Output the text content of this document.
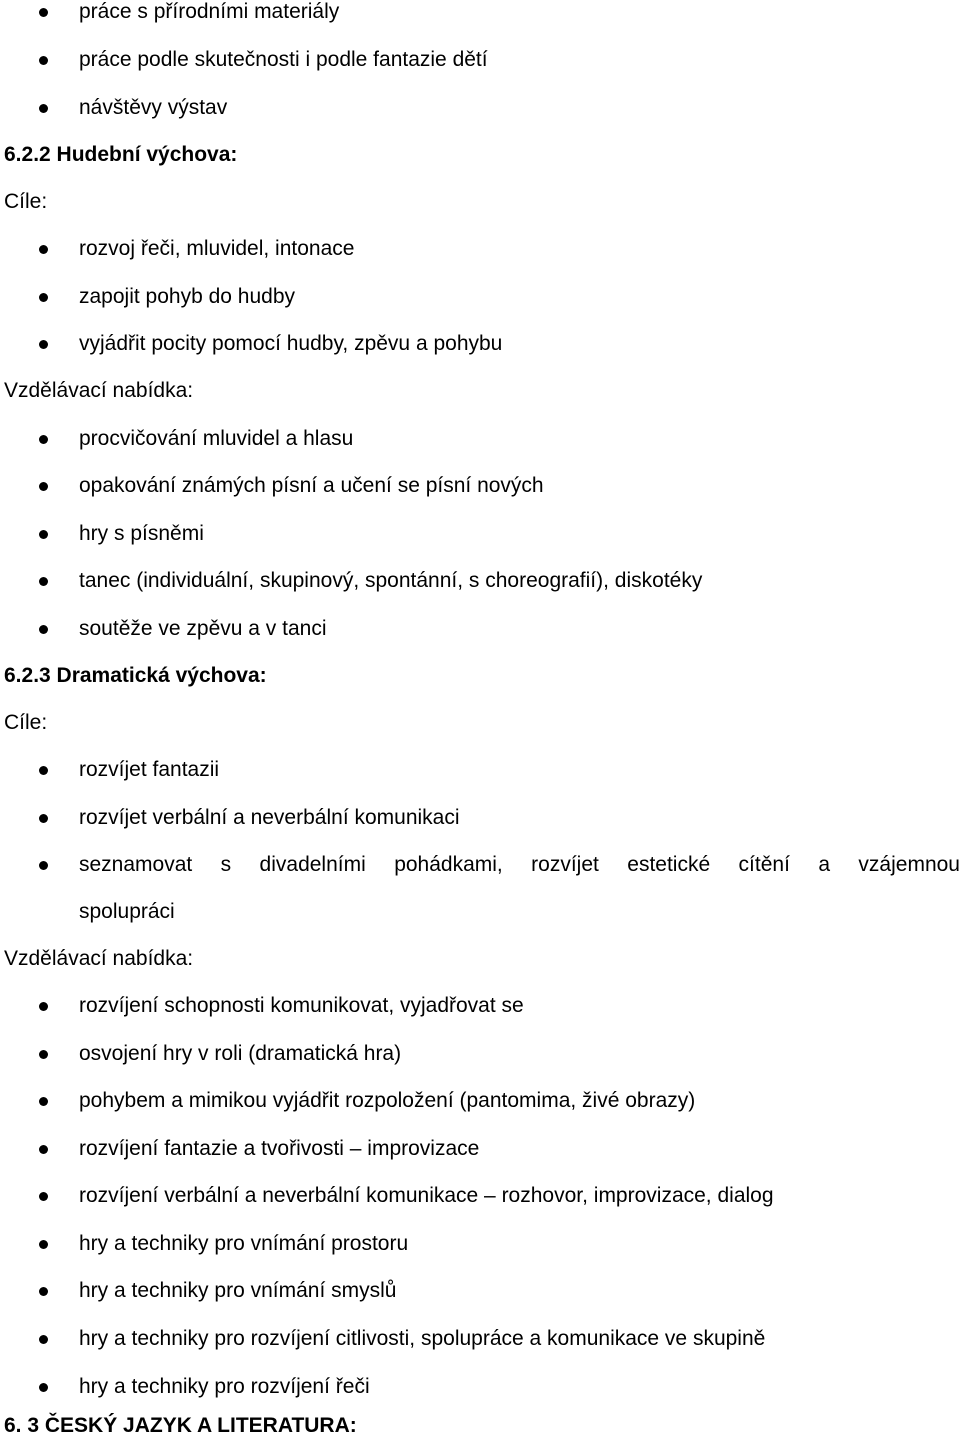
práce s přírodními materiály
práce podle skutečnosti i podle fantazie dětí
návštěvy výstav
6.2.2 Hudební výchova:
Cíle:
rozvoj řeči, mluvidel, intonace
zapojit pohyb do hudby
vyjádřit pocity pomocí hudby, zpěvu a pohybu
Vzdělávací nabídka:
procvičování mluvidel a hlasu
opakování známých písní a učení se písní nových
hry s písněmi
tanec (individuální, skupinový, spontánní, s choreografií), diskotéky
soutěže ve zpěvu a v tanci
6.2.3 Dramatická výchova:
Cíle:
rozvíjet fantazii
rozvíjet verbální a neverbální komunikaci
seznamovat s divadelními pohádkami, rozvíjet estetické cítění a vzájemnou
spolupráci
Vzdělávací nabídka:
rozvíjení schopnosti komunikovat, vyjadřovat se
osvojení hry v roli (dramatická hra)
pohybem a mimikou vyjádřit rozpoložení (pantomima, živé obrazy)
rozvíjení fantazie a tvořivosti – improvizace
rozvíjení verbální a neverbální komunikace – rozhovor, improvizace, dialog
hry a techniky pro vnímání prostoru
hry a techniky pro vnímání smyslů
hry a techniky pro rozvíjení citlivosti, spolupráce a komunikace ve skupině
hry a techniky pro rozvíjení řeči
6. 3 ČESKÝ JAZYK A LITERATURA:
